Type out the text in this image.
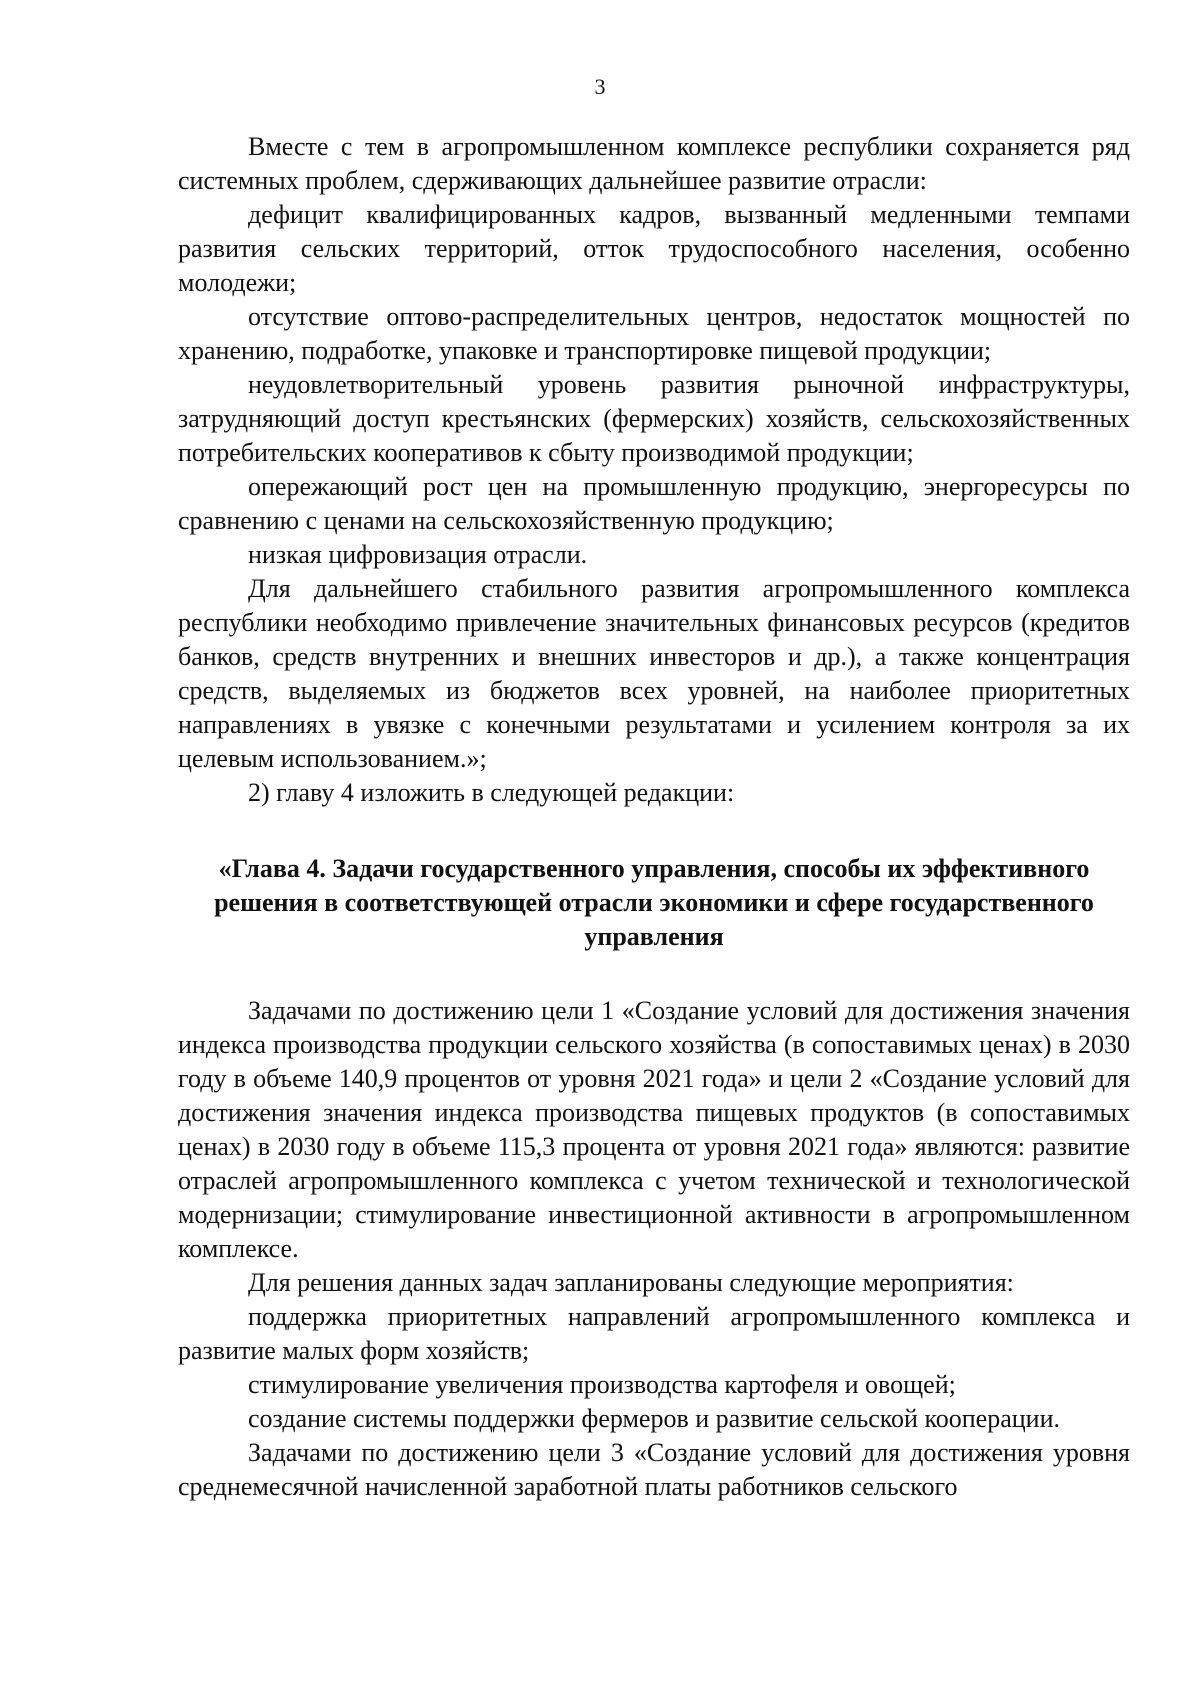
3

Вместе с тем в агропромышленном комплексе республики сохраняется ряд системных проблем, сдерживающих дальнейшее развитие отрасли:

дефицит квалифицированных кадров, вызванный медленными темпами развития сельских территорий, отток трудоспособного населения, особенно молодежи;

отсутствие оптово-распределительных центров, недостаток мощностей по хранению, подработке, упаковке и транспортировке пищевой продукции;

неудовлетворительный уровень развития рыночной инфраструктуры, затрудняющий доступ крестьянских (фермерских) хозяйств, сельскохозяйственных потребительских кооперативов к сбыту производимой продукции;

опережающий рост цен на промышленную продукцию, энергоресурсы по сравнению с ценами на сельскохозяйственную продукцию;

низкая цифровизация отрасли.

Для дальнейшего стабильного развития агропромышленного комплекса республики необходимо привлечение значительных финансовых ресурсов (кредитов банков, средств внутренних и внешних инвесторов и др.), а также концентрация средств, выделяемых из бюджетов всех уровней, на наиболее приоритетных направлениях в увязке с конечными результатами и усилением контроля за их целевым использованием.»;

2) главу 4 изложить в следующей редакции:

«Глава 4. Задачи государственного управления, способы их эффективного решения в соответствующей отрасли экономики и сфере государственного управления

Задачами по достижению цели 1 «Создание условий для достижения значения индекса производства продукции сельского хозяйства (в сопоставимых ценах) в 2030 году в объеме 140,9 процентов от уровня 2021 года» и цели 2 «Создание условий для достижения значения индекса производства пищевых продуктов (в сопоставимых ценах) в 2030 году в объеме 115,3 процента от уровня 2021 года» являются: развитие отраслей агропромышленного комплекса с учетом технической и технологической модернизации; стимулирование инвестиционной активности в агропромышленном комплексе.

Для решения данных задач запланированы следующие мероприятия:

поддержка приоритетных направлений агропромышленного комплекса и развитие малых форм хозяйств;

стимулирование увеличения производства картофеля и овощей;

создание системы поддержки фермеров и развитие сельской кооперации.

Задачами по достижению цели 3 «Создание условий для достижения уровня среднемесячной начисленной заработной платы работников сельского
